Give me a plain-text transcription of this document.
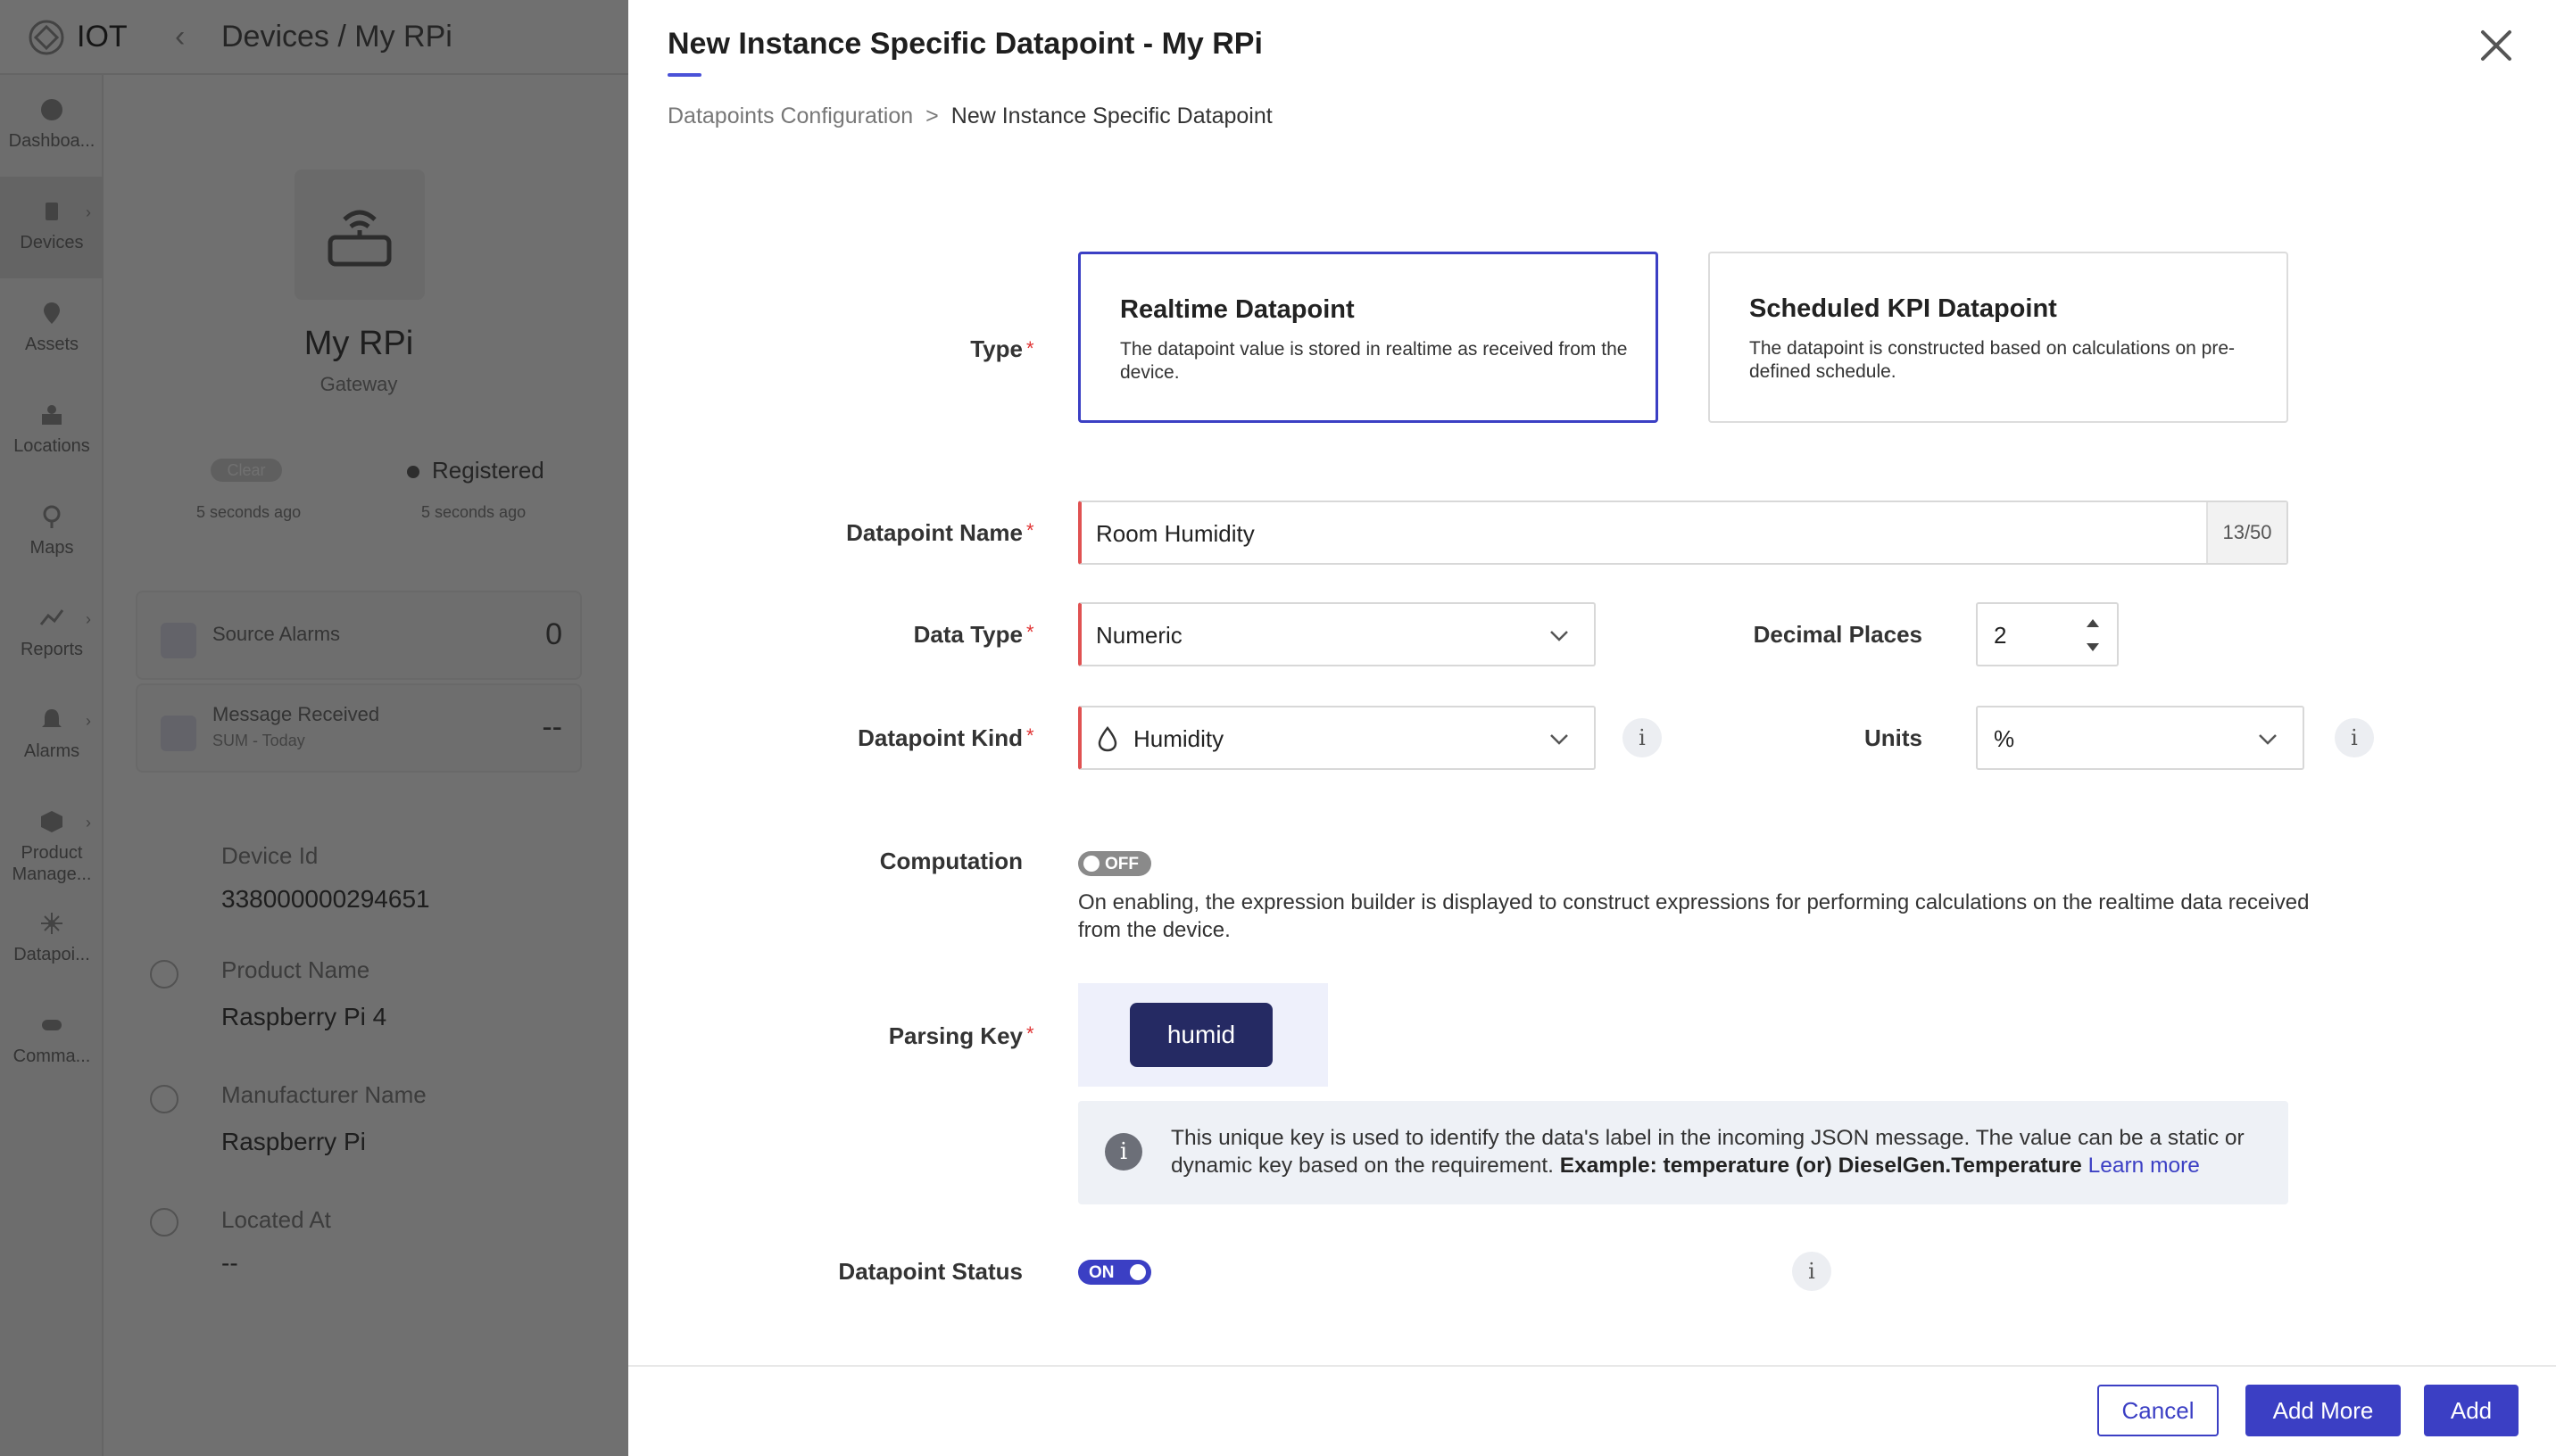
New Instance Specific Datapoint - My RPi
Datapoints Configuration > New Instance Specific Datapoint
Type *
Realtime Datapoint
The datapoint value is stored in realtime as received from the device.
Scheduled KPI Datapoint
The datapoint is constructed based on calculations on pre-defined schedule.
Datapoint Name *	Room Humidity	13/50
Data Type *	Numeric	Decimal Places	2
Datapoint Kind *	Humidity	i	Units	%	i
Computation	OFF
On enabling, the expression builder is displayed to construct expressions for performing calculations on the realtime data received from the device.
Parsing Key *	humid
i
This unique key is used to identify the data's label in the incoming JSON message. The value can be a static or dynamic key based on the requirement. Example: temperature (or) DieselGen.Temperature Learn more
Datapoint Status	ON	i
Cancel	Add More	Add
